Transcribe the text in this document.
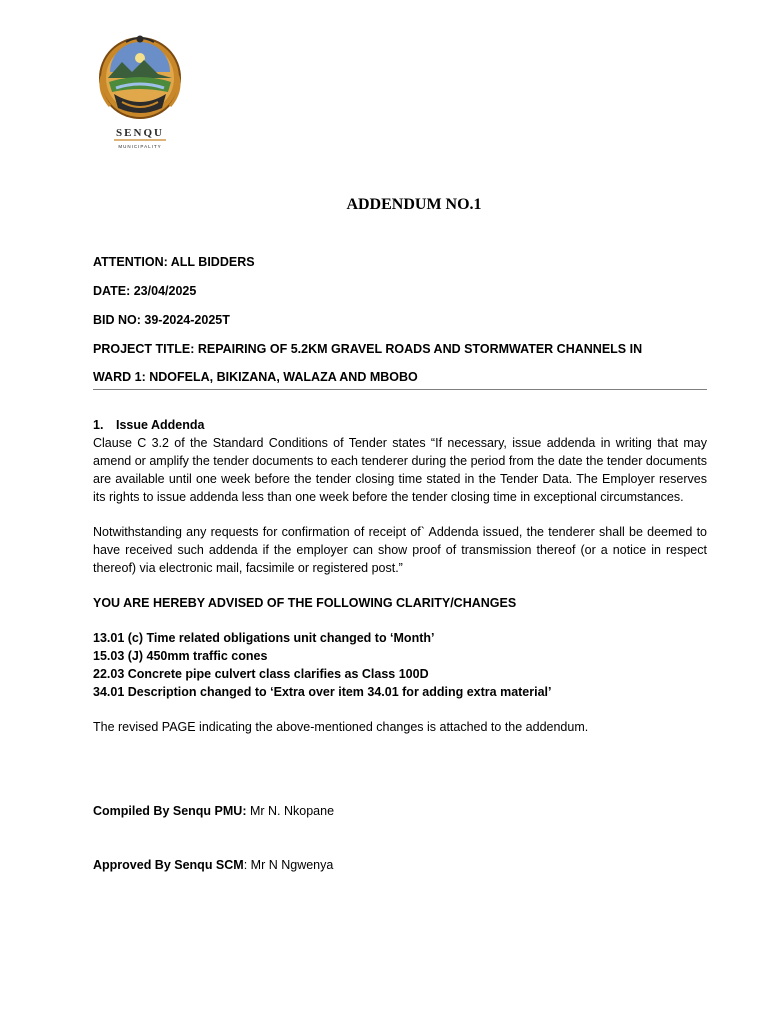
SENQU
MUNICIPALITY
ADDENDUM NO.1
ATTENTION: ALL BIDDERS
DATE: 23/04/2025
BID NO: 39-2024-2025T
PROJECT TITLE: REPAIRING OF 5.2KM GRAVEL ROADS AND STORMWATER CHANNELS IN
WARD 1: NDOFELA, BIKIZANA, WALAZA AND MBOBO

1. Issue Addenda

Clause C 3.2 of the Standard Conditions of Tender states “If necessary, issue addenda in writing that may amend or amplify the tender documents to each tenderer during the period from the date the tender documents are available until one week before the tender closing time stated in the Tender Data. The Employer reserves its rights to issue addenda less than one week before the tender closing time in exceptional circumstances.

Notwithstanding any requests for confirmation of receipt of` Addenda issued, the tenderer shall be deemed to have received such addenda if the employer can show proof of transmission thereof (or a notice in respect thereof) via electronic mail, facsimile or registered post.”

YOU ARE HEREBY ADVISED OF THE FOLLOWING CLARITY/CHANGES

13.01 (c) Time related obligations unit changed to ‘Month’

15.03 (J) 450mm traffic cones

22.03 Concrete pipe culvert class clarifies as Class 100D

34.01 Description changed to ‘Extra over item 34.01 for adding extra material’

The revised PAGE indicating the above-mentioned changes is attached to the addendum.

Compiled By Senqu PMU: Mr N. Nkopane
Approved By Senqu SCM: Mr N Ngwenya
